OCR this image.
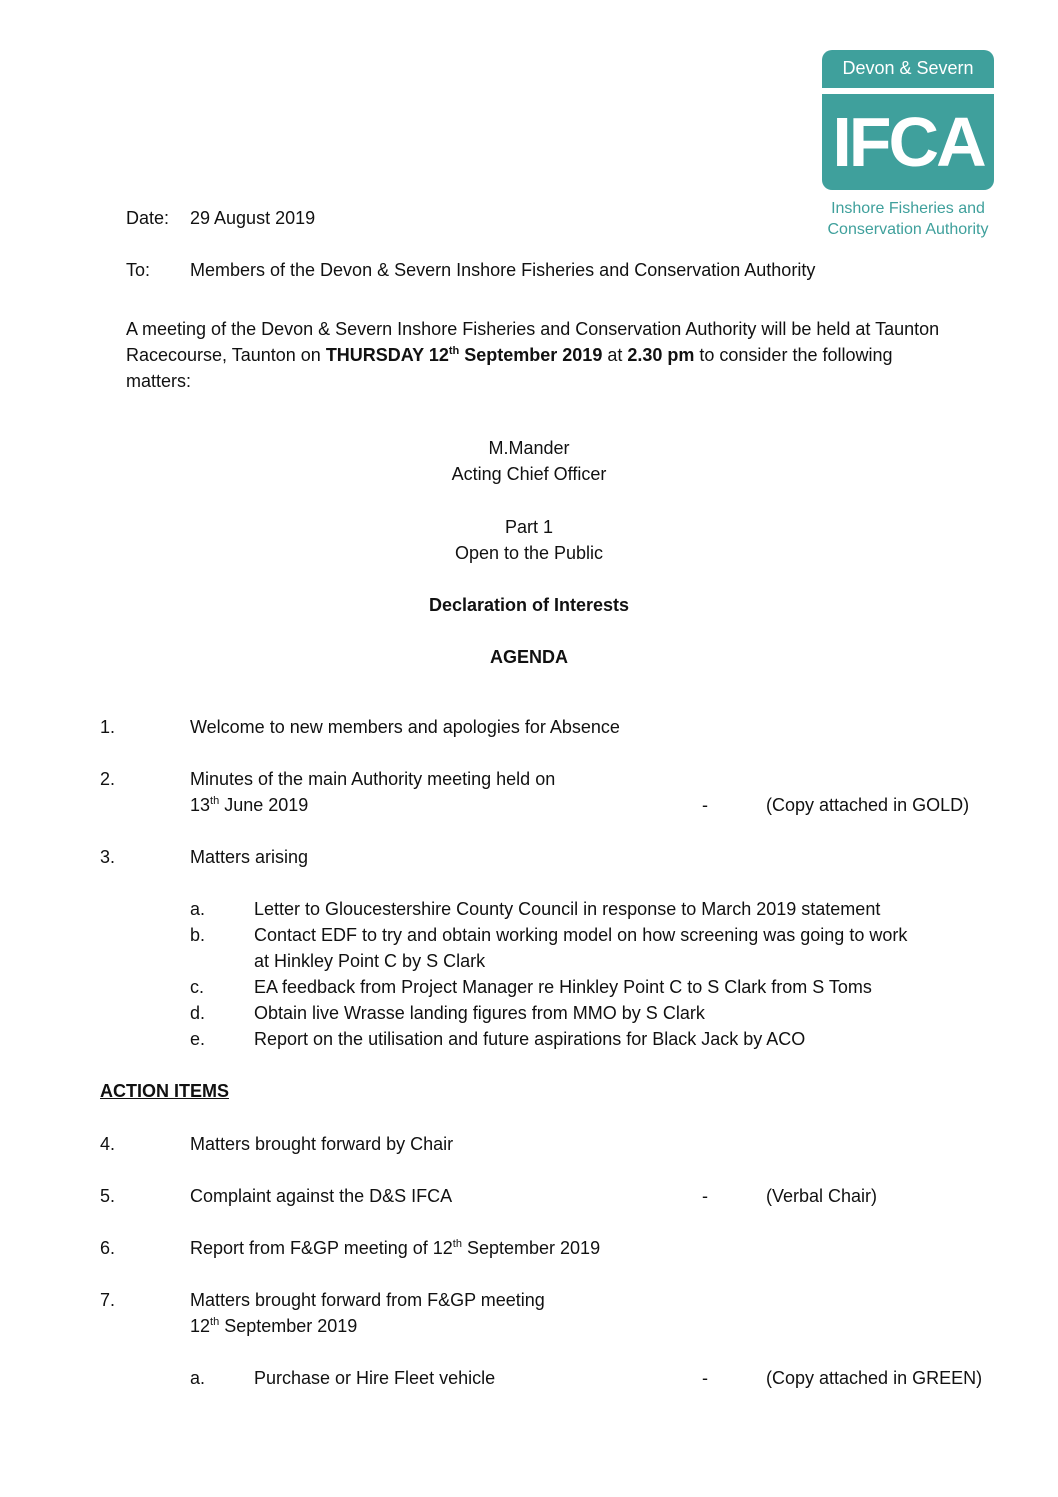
Devon & Severn
IFCA
Inshore Fisheries and
Conservation Authority
Date: 29 August 2019
To: Members of the Devon & Severn Inshore Fisheries and Conservation Authority
A meeting of the Devon & Severn Inshore Fisheries and Conservation Authority will be held at Taunton Racecourse, Taunton on THURSDAY 12th September 2019 at 2.30 pm to consider the following matters:
M.Mander
Acting Chief Officer
Part 1
Open to the Public
Declaration of Interests
AGENDA
1.	Welcome to new members and apologies for Absence
2.	Minutes of the main Authority meeting held on
13th June 2019	-	(Copy attached in GOLD)
3.	Matters arising
a.	Letter to Gloucestershire County Council in response to March 2019 statement
b.	Contact EDF to try and obtain working model on how screening was going to work
at Hinkley Point C by S Clark
c.	EA feedback from Project Manager re Hinkley Point C to S Clark from S Toms
d.	Obtain live Wrasse landing figures from MMO by S Clark
e.	Report on the utilisation and future aspirations for Black Jack by ACO
ACTION ITEMS
4.	Matters brought forward by Chair
5.	Complaint against the D&S IFCA	-	(Verbal Chair)
6.	Report from F&GP meeting of 12th September 2019
7.	Matters brought forward from F&GP meeting
12th September 2019
a.	Purchase or Hire Fleet vehicle	-	(Copy attached in GREEN)
